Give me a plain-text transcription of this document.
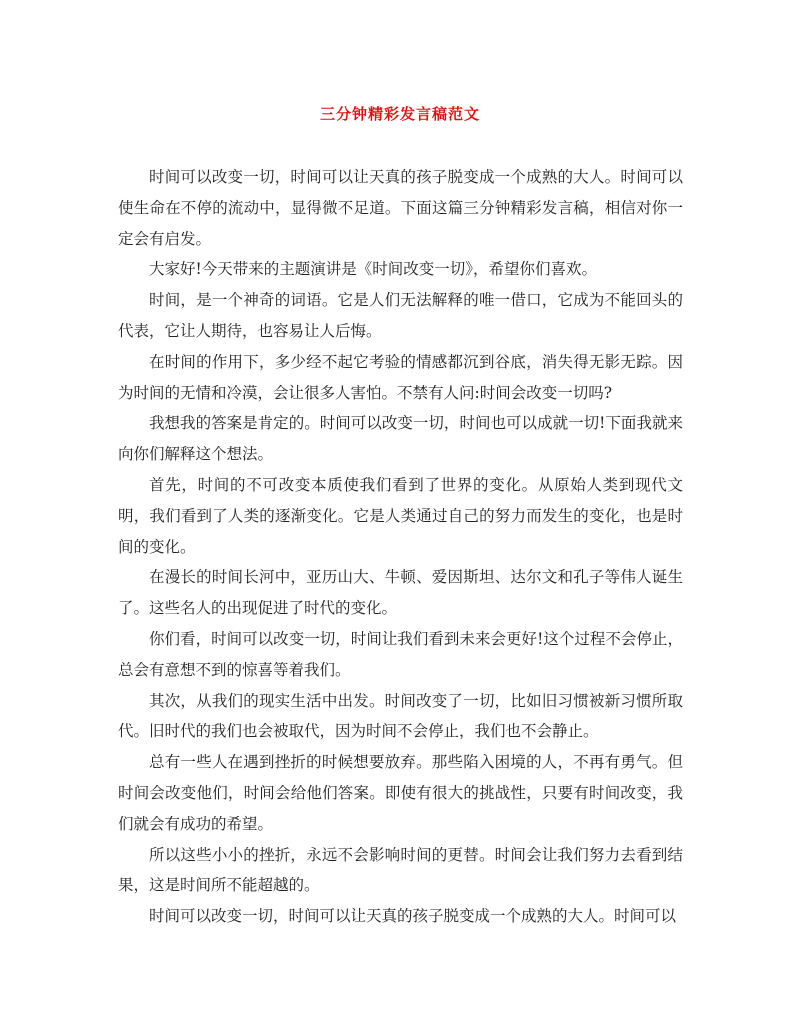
三分钟精彩发言稿范文

时间可以改变一切，时间可以让天真的孩子脱变成一个成熟的大人。时间可以使生命在不停的流动中，显得微不足道。下面这篇三分钟精彩发言稿，相信对你一定会有启发。

大家好!今天带来的主题演讲是《时间改变一切》，希望你们喜欢。

时间，是一个神奇的词语。它是人们无法解释的唯一借口，它成为不能回头的代表，它让人期待，也容易让人后悔。

在时间的作用下，多少经不起它考验的情感都沉到谷底，消失得无影无踪。因为时间的无情和冷漠，会让很多人害怕。不禁有人问:时间会改变一切吗?

我想我的答案是肯定的。时间可以改变一切，时间也可以成就一切!下面我就来向你们解释这个想法。

首先，时间的不可改变本质使我们看到了世界的变化。从原始人类到现代文明，我们看到了人类的逐渐变化。它是人类通过自己的努力而发生的变化，也是时间的变化。

在漫长的时间长河中，亚历山大、牛顿、爱因斯坦、达尔文和孔子等伟人诞生了。这些名人的出现促进了时代的变化。

你们看，时间可以改变一切，时间让我们看到未来会更好!这个过程不会停止，总会有意想不到的惊喜等着我们。

其次，从我们的现实生活中出发。时间改变了一切，比如旧习惯被新习惯所取代。旧时代的我们也会被取代，因为时间不会停止，我们也不会静止。

总有一些人在遇到挫折的时候想要放弃。那些陷入困境的人，不再有勇气。但时间会改变他们，时间会给他们答案。即使有很大的挑战性，只要有时间改变，我们就会有成功的希望。

所以这些小小的挫折，永远不会影响时间的更替。时间会让我们努力去看到结果，这是时间所不能超越的。

时间可以改变一切，时间可以让天真的孩子脱变成一个成熟的大人。时间可以
